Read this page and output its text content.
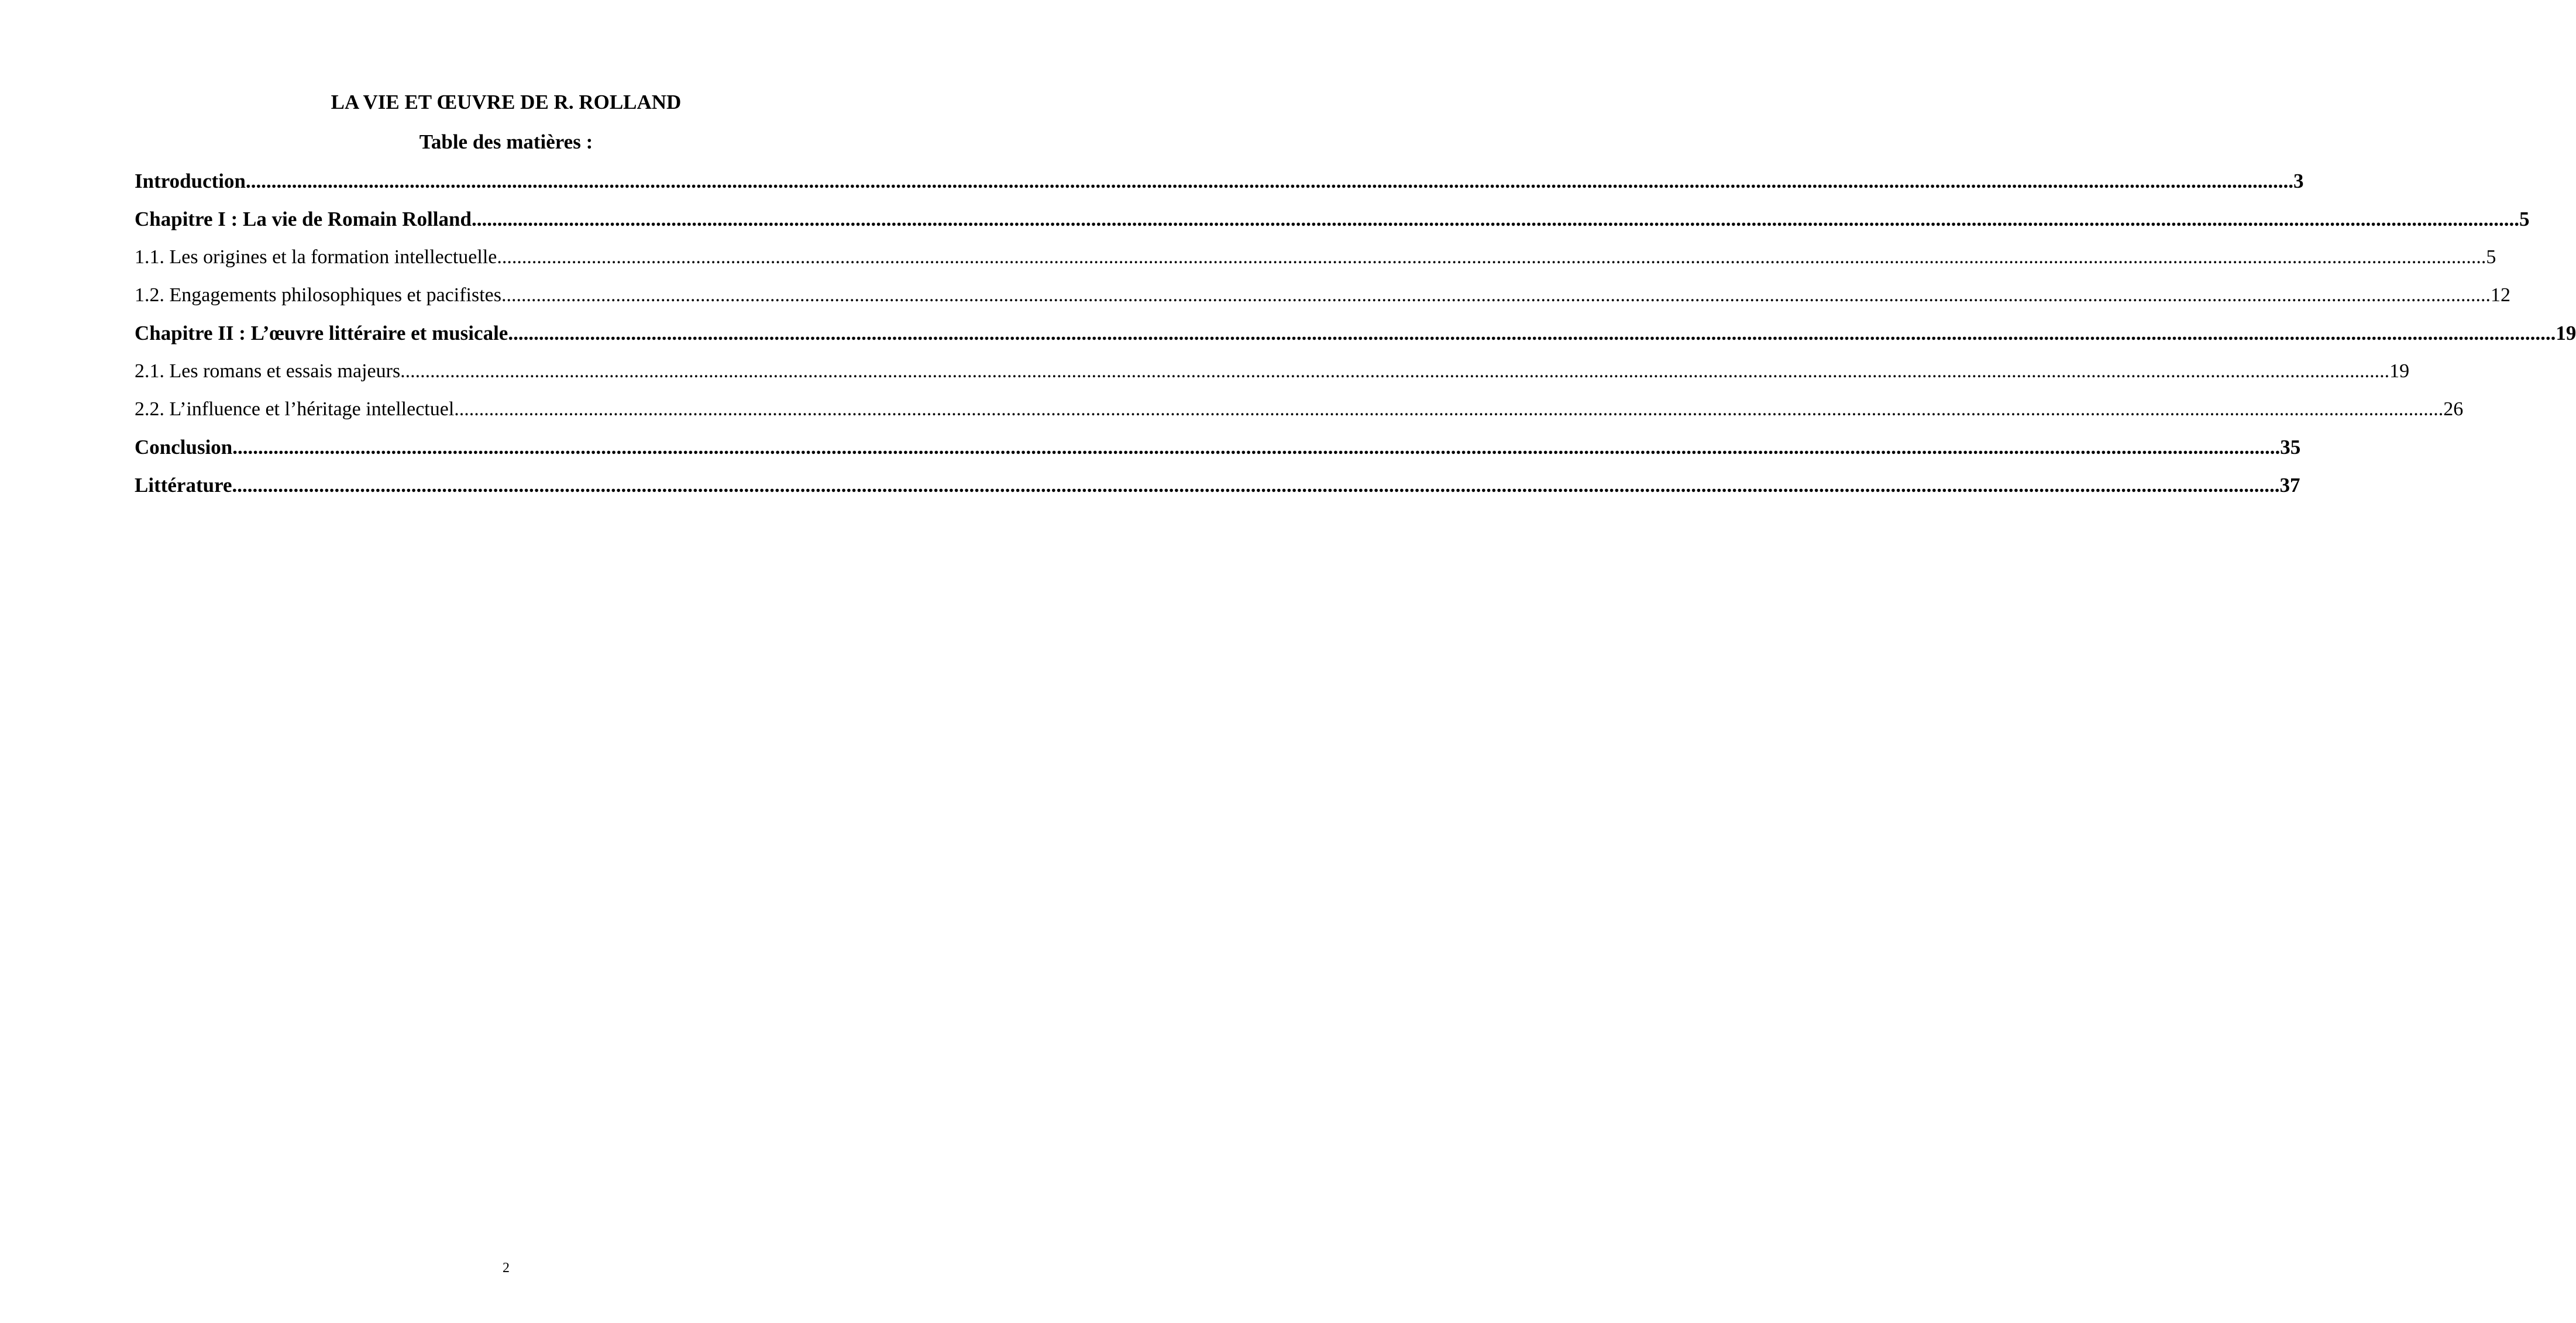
LA VIE ET ŒUVRE DE R. ROLLAND
Table des matières :
Introduction ................................................................................................................................................................................................................................................................................................................................................................................................................ 3
Chapitre I : La vie de Romain Rolland ................................................................................................................................................................................................................................................................................................................................................................................................................ 5
1.1. Les origines et la formation intellectuelle ................................................................................................................................................................................................................................................................................................................................................................................................................ 5
1.2. Engagements philosophiques et pacifistes ................................................................................................................................................................................................................................................................................................................................................................................................................ 12
Chapitre II : L’œuvre littéraire et musicale ................................................................................................................................................................................................................................................................................................................................................................................................................ 19
2.1. Les romans et essais majeurs ................................................................................................................................................................................................................................................................................................................................................................................................................ 19
2.2. L’influence et l’héritage intellectuel ................................................................................................................................................................................................................................................................................................................................................................................................................ 26
Conclusion ................................................................................................................................................................................................................................................................................................................................................................................................................ 35
Littérature ................................................................................................................................................................................................................................................................................................................................................................................................................ 37
2
